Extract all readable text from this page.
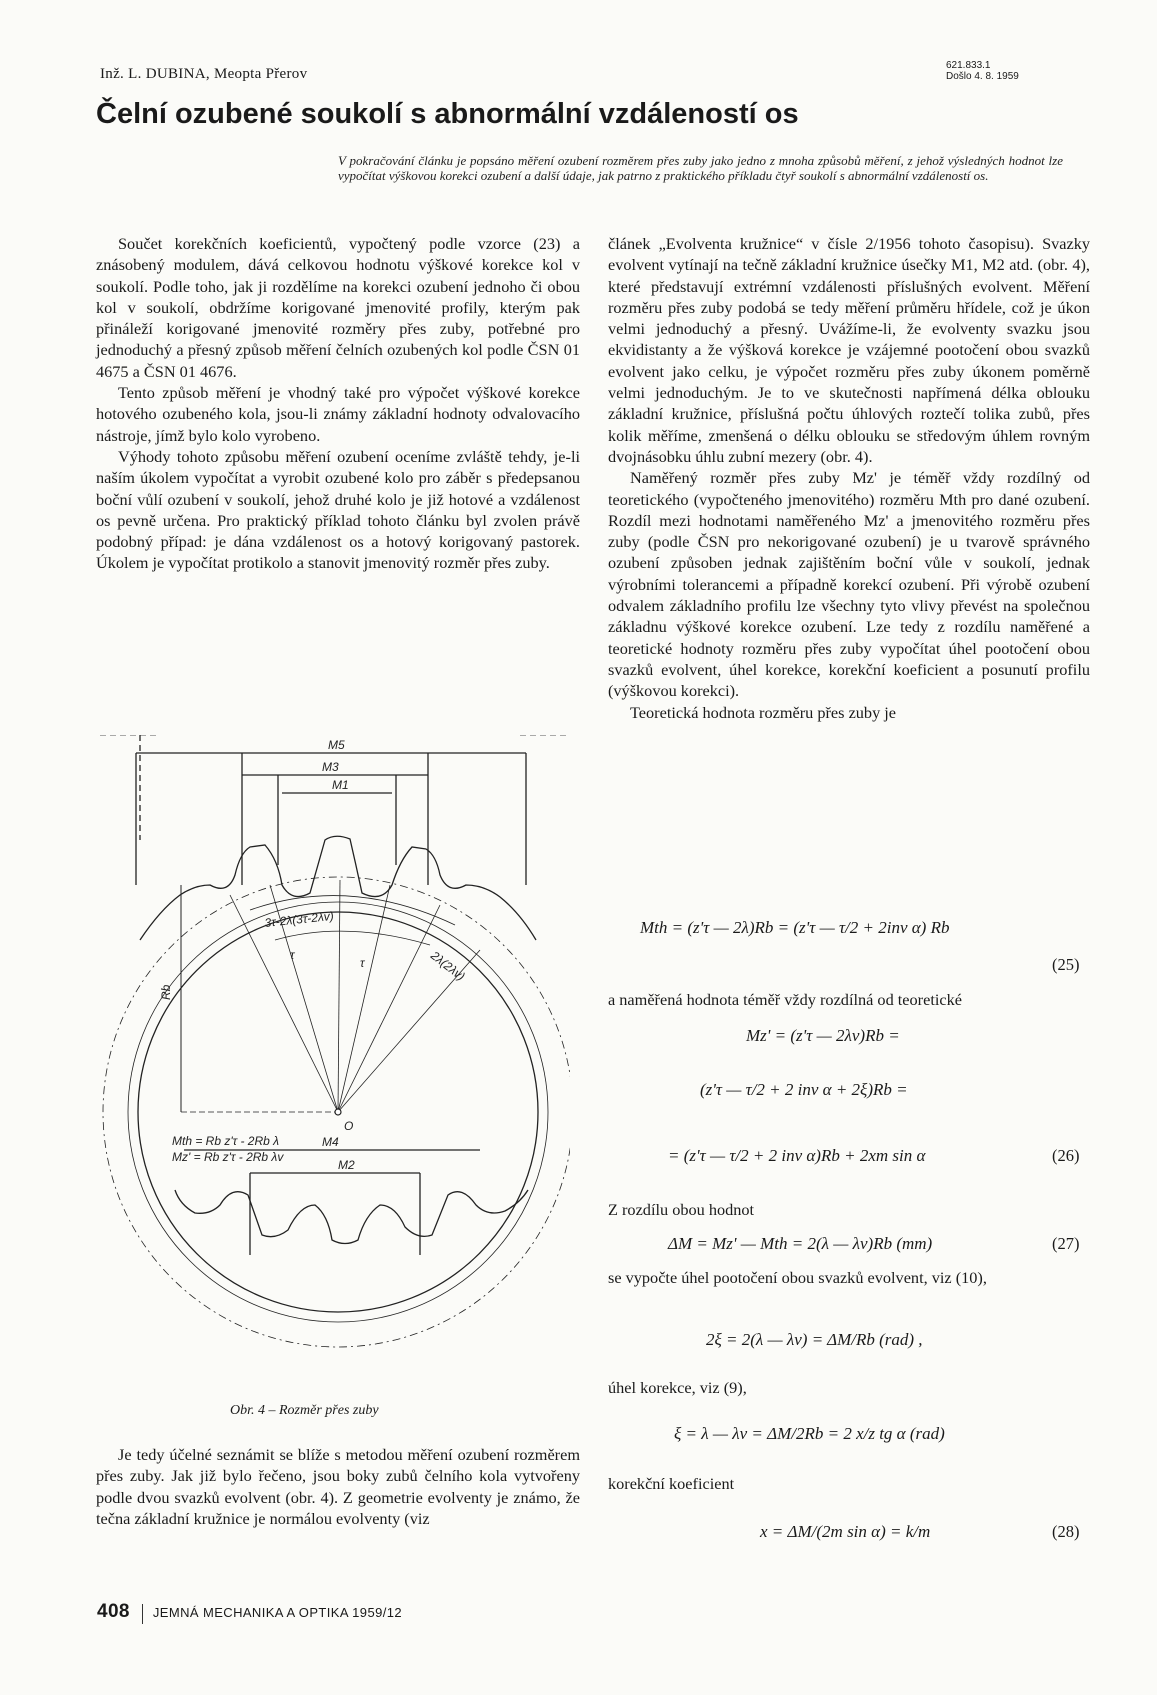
Inž. L. DUBINA, Meopta Přerov
621.833.1
Došlo 4. 8. 1959
Čelní ozubené soukolí s abnormální vzdáleností os
V pokračování článku je popsáno měření ozubení rozměrem přes zuby jako jedno z mnoha způsobů měření, z jehož výsledných hodnot lze vypočítat výškovou korekci ozubení a další údaje, jak patrno z praktického příkladu čtyř soukolí s abnormální vzdáleností os.

Součet korekčních koeficientů, vypočtený podle vzorce (23) a znásobený modulem, dává celkovou hodnotu výškové korekce kol v soukolí. Podle toho, jak ji rozdělíme na korekci ozubení jednoho či obou kol v soukolí, obdržíme korigované jmenovité profily, kterým pak přináleží korigované jmenovité rozměry přes zuby, potřebné pro jednoduchý a přesný způsob měření čelních ozubených kol podle ČSN 01 4675 a ČSN 01 4676.

Tento způsob měření je vhodný také pro výpočet výškové korekce hotového ozubeného kola, jsou-li známy základní hodnoty odvalovacího nástroje, jímž bylo kolo vyrobeno.

Výhody tohoto způsobu měření ozubení oceníme zvláště tehdy, je-li naším úkolem vypočítat a vyrobit ozubené kolo pro záběr s předepsanou boční vůlí ozubení v soukolí, jehož druhé kolo je již hotové a vzdálenost os pevně určena. Pro praktický příklad tohoto článku byl zvolen právě podobný případ: je dána vzdálenost os a hotový korigovaný pastorek. Úkolem je vypočítat protikolo a stanovit jmenovitý rozměr přes zuby.

M5
M3
M1
M4
M2
Rb
O
τ
τ
3τ-2λ(3τ-2λv)
2λ(2λv)
Mth = Rb z'τ - 2Rb λ
Mz' = Rb z'τ - 2Rb λv
Obr. 4 – Rozměr přes zuby

Je tedy účelné seznámit se blíže s metodou měření ozubení rozměrem přes zuby. Jak již bylo řečeno, jsou boky zubů čelního kola vytvořeny podle dvou svazků evolvent (obr. 4). Z geometrie evolventy je známo, že tečna základní kružnice je normálou evolventy (viz

článek „Evolventa kružnice“ v čísle 2/1956 tohoto časopisu). Svazky evolvent vytínají na tečně základní kružnice úsečky M1, M2 atd. (obr. 4), které představují extrémní vzdálenosti příslušných evolvent. Měření rozměru přes zuby podobá se tedy měření průměru hřídele, což je úkon velmi jednoduchý a přesný. Uvážíme-li, že evolventy svazku jsou ekvidistanty a že výšková korekce je vzájemné pootočení obou svazků evolvent jako celku, je výpočet rozměru přes zuby úkonem poměrně velmi jednoduchým. Je to ve skutečnosti napřímená délka oblouku základní kružnice, příslušná počtu úhlových roztečí tolika zubů, přes kolik měříme, zmenšená o délku oblouku se středovým úhlem rovným dvojnásobku úhlu zubní mezery (obr. 4).

Naměřený rozměr přes zuby Mz' je téměř vždy rozdílný od teoretického (vypočteného jmenovitého) rozměru Mth pro dané ozubení. Rozdíl mezi hodnotami naměřeného Mz' a jmenovitého rozměru přes zuby (podle ČSN pro nekorigované ozubení) je u tvarově správného ozubení způsoben jednak zajištěním boční vůle v soukolí, jednak výrobními tolerancemi a případně korekcí ozubení. Při výrobě ozubení odvalem základního profilu lze všechny tyto vlivy převést na společnou základnu výškové korekce ozubení. Lze tedy z rozdílu naměřené a teoretické hodnoty rozměru přes zuby vypočítat úhel pootočení obou svazků evolvent, úhel korekce, korekční koeficient a posunutí profilu (výškovou korekci).

Teoretická hodnota rozměru přes zuby je

Mth = (z'τ — 2λ)Rb = (z'τ — τ/2 + 2inv α) Rb
(25)
a naměřená hodnota téměř vždy rozdílná od teoretické
Mz' = (z'τ — 2λv)Rb =
(z'τ — τ/2 + 2 inv α + 2ξ)Rb =
= (z'τ — τ/2 + 2 inv α)Rb + 2xm sin α	(26)
Z rozdílu obou hodnot
ΔM = Mz' — Mth = 2(λ — λv)Rb (mm)	(27)
se vypočte úhel pootočení obou svazků evolvent, viz (10),
2ξ = 2(λ — λv) = ΔM/Rb (rad) ,
úhel korekce, viz (9),
ξ = λ — λv = ΔM/2Rb = 2 x/z tg α (rad)
korekční koeficient
x = ΔM/(2m sin α) = k/m	(28)
408 JEMNÁ MECHANIKA A OPTIKA 1959/12
